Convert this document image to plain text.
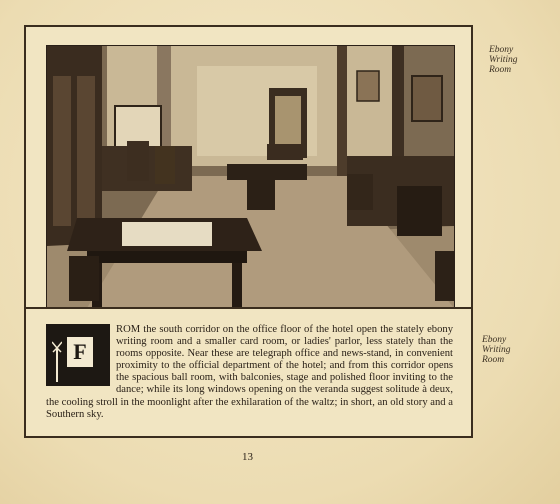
F
ROM the south corridor on the office floor of the hotel open the stately ebony writing room and a smaller card room, or ladies' parlor, less stately than the rooms opposite. Near these are telegraph office and news-stand, in convenient proximity to the official department of the hotel; and from this corridor opens the spacious ball room, with balconies, stage and polished floor inviting to the dance; while its long windows opening on the veranda suggest solitude à deux, the cooling stroll in the moonlight after the exhilaration of the waltz; in short, an old story and a Southern sky.
Ebony
Writing
Room
Ebony
Writing
Room
13
